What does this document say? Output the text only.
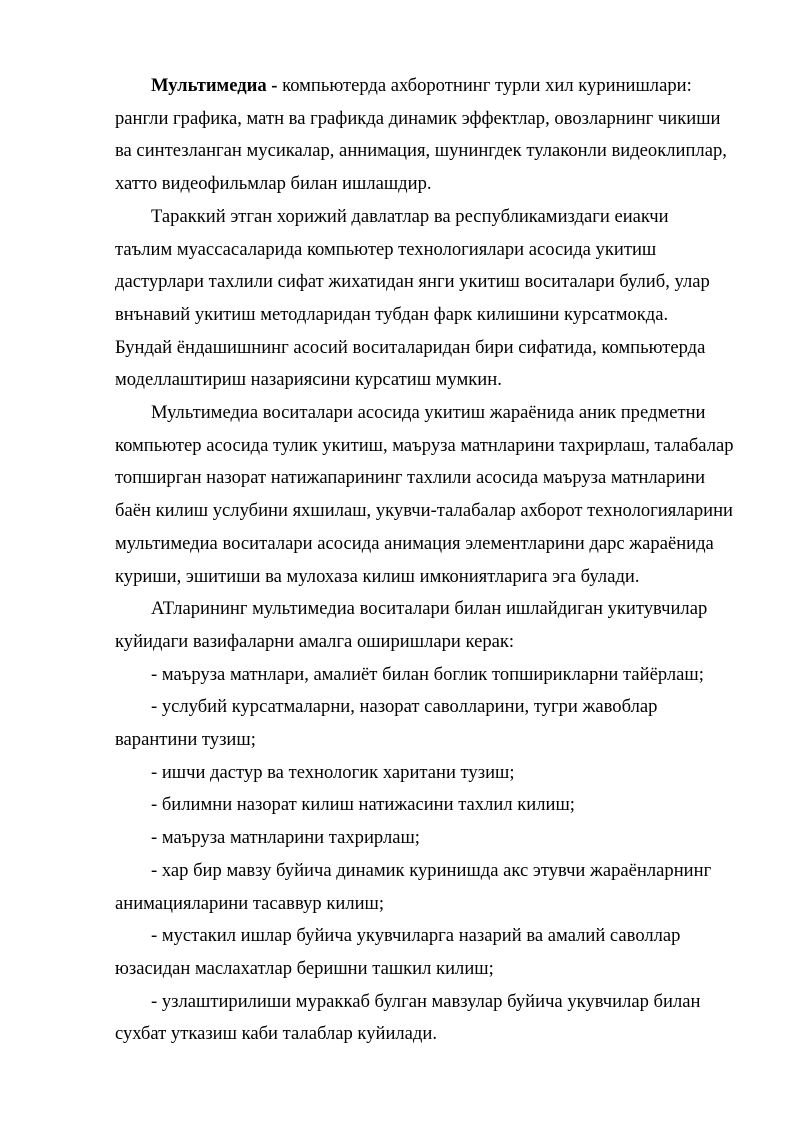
Мультимедиа - компьютерда ахборотнинг турли хил куринишлари:
рангли графика, матн ва графикда динамик эффектлар, овозларнинг чикиши
ва синтезланган мусикалар, аннимация, шунингдек тулаконли видеоклиплар,
хатто видеофильмлар билан ишлашдир.

Тараккий этган хорижий давлатлар ва республикамиздаги еиакчи
таълим муассасаларида компьютер технологиялари асосида укитиш
дастурлари тахлили сифат жихатидан янги укитиш воситалари булиб, улар
внънавий укитиш методларидан тубдан фарк килишини курсатмокда.
Бундай ёндашишнинг асосий воситаларидан бири сифатида, компьютерда
моделлаштириш назариясини курсатиш мумкин.

Мультимедиа воситалари асосида укитиш жараёнида аник предметни
компьютер асосида тулик укитиш, маъруза матнларини тахрирлаш, талабалар
топширган назорат натижапарининг тахлили асосида маъруза матнларини
баён килиш услубини яхшилаш, укувчи-талабалар ахборот технологияларини
мультимедиа воситалари асосида анимация элементларини дарс жараёнида
куриши, эшитиши ва мулохаза килиш имкониятларига эга булади.

АТларининг мультимедиа воситалари билан ишлайдиган укитувчилар
куйидаги вазифаларни амалга оширишлари керак:

- маъруза матнлари, амалиёт билан боглик топширикларни тайёрлаш;

- услубий курсатмаларни, назорат саволларини, тугри жавоблар
варантини тузиш;

- ишчи дастур ва технологик харитани тузиш;

- билимни назорат килиш натижасини тахлил килиш;

- маъруза матнларини тахрирлаш;

- хар бир мавзу буйича динамик куринишда акс этувчи жараёнларнинг
анимацияларини тасаввур килиш;

- мустакил ишлар буйича укувчиларга назарий ва амалий саволлар
юзасидан маслахатлар беришни ташкил килиш;

- узлаштирилиши мураккаб булган мавзулар буйича укувчилар билан
сухбат утказиш каби талаблар куйилади.
